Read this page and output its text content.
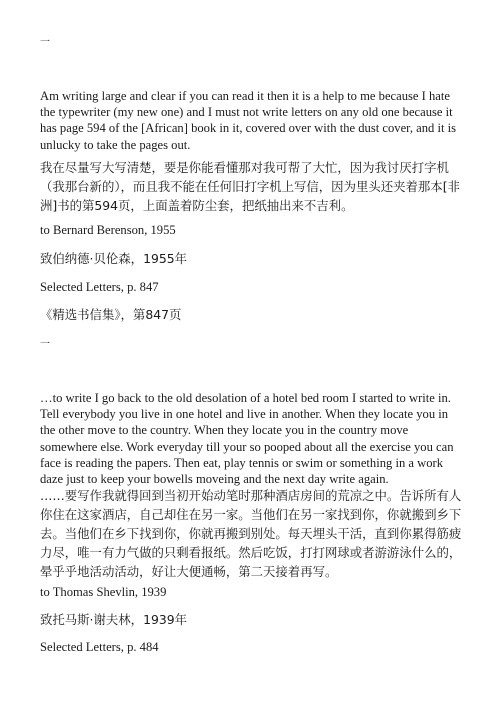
一

Am writing large and clear if you can read it then it is a help to me because I hate the typewriter (my new one) and I must not write letters on any old one because it has page 594 of the [African] book in it, covered over with the dust cover, and it is unlucky to take the pages out.

我在尽量写大写清楚，要是你能看懂那对我可帮了大忙，因为我讨厌打字机（我那台新的），而且我不能在任何旧打字机上写信，因为里头还夹着那本[非洲]书的第594页，上面盖着防尘套，把纸抽出来不吉利。

to Bernard Berenson, 1955

致伯纳德·贝伦森，1955年

Selected Letters, p. 847

《精选书信集》，第847页

一

…to write I go back to the old desolation of a hotel bed room I started to write in. Tell everybody you live in one hotel and live in another. When they locate you in the other move to the country. When they locate you in the country move somewhere else. Work everyday till your so pooped about all the exercise you can face is reading the papers. Then eat, play tennis or swim or something in a work daze just to keep your bowells moveing and the next day write again.

……要写作我就得回到当初开始动笔时那种酒店房间的荒凉之中。告诉所有人你住在这家酒店，自己却住在另一家。当他们在另一家找到你，你就搬到乡下去。当他们在乡下找到你，你就再搬到别处。每天埋头干活，直到你累得筋疲力尽，唯一有力气做的只剩看报纸。然后吃饭，打打网球或者游游泳什么的，晕乎乎地活动活动，好让大便通畅，第二天接着再写。

to Thomas Shevlin, 1939

致托马斯·谢夫林，1939年

Selected Letters, p. 484
